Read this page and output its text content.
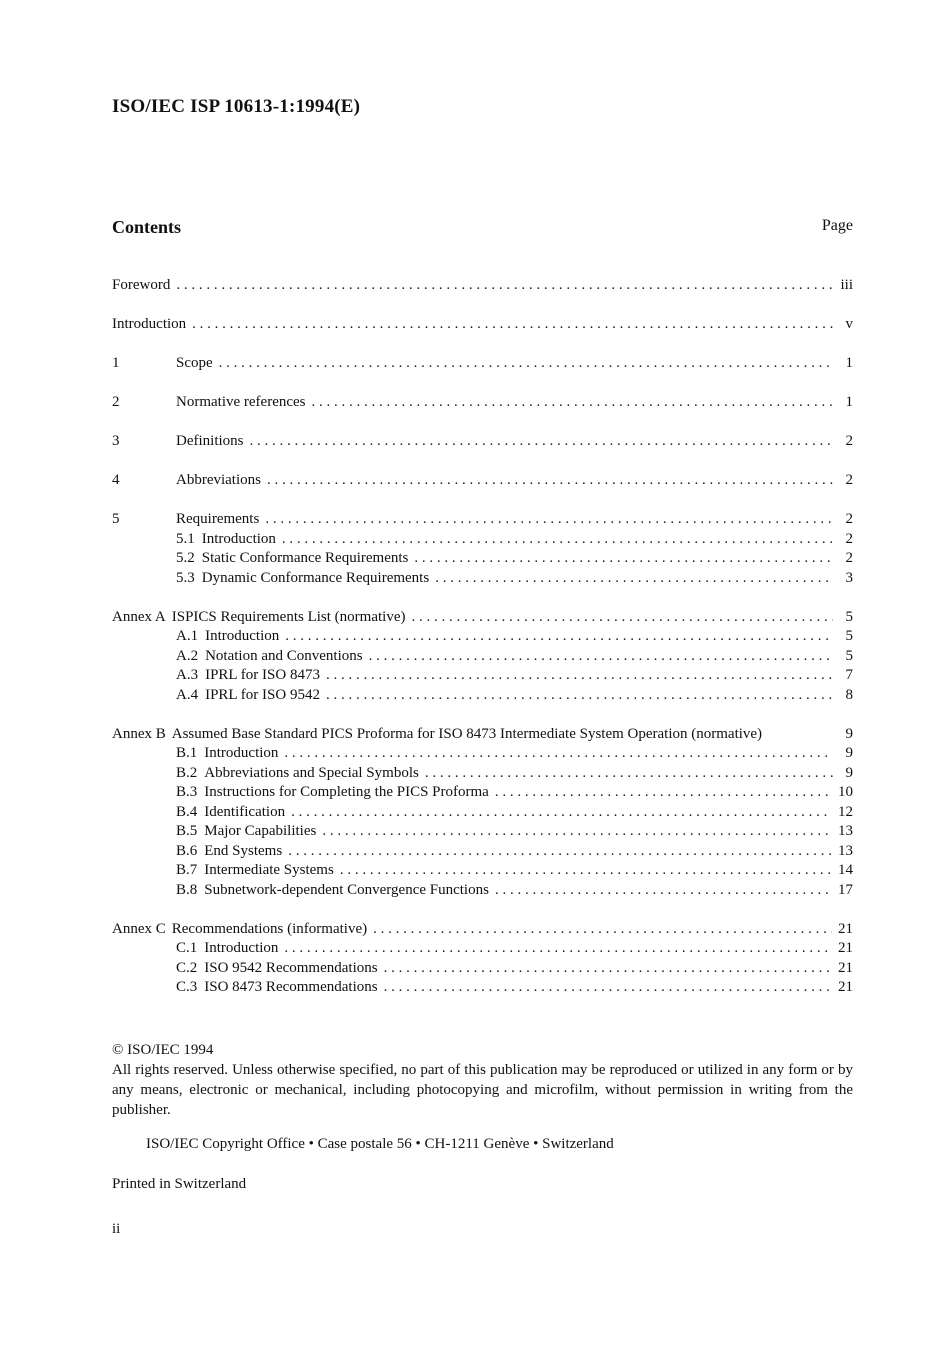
ISO/IEC ISP 10613-1:1994(E)
Contents	Page
Foreword . . .	iii
Introduction . . .	v
1	Scope . . .	1
2	Normative references . . .	1
3	Definitions . . .	2
4	Abbreviations . . .	2
5	Requirements . . .	2
5.1 Introduction . . .	2
5.2 Static Conformance Requirements . . .	2
5.3 Dynamic Conformance Requirements . . .	3
Annex A ISPICS Requirements List (normative) . . .	5
A.1 Introduction . . .	5
A.2 Notation and Conventions . . .	5
A.3 IPRL for ISO 8473 . . .	7
A.4 IPRL for ISO 9542 . . .	8
Annex B Assumed Base Standard PICS Proforma for ISO 8473 Intermediate System Operation (normative)	9
B.1 Introduction . . .	9
B.2 Abbreviations and Special Symbols . . .	9
B.3 Instructions for Completing the PICS Proforma . . .	10
B.4 Identification . . .	12
B.5 Major Capabilities . . .	13
B.6 End Systems . . .	13
B.7 Intermediate Systems . . .	14
B.8 Subnetwork-dependent Convergence Functions . . .	17
Annex C Recommendations (informative) . . .	21
C.1 Introduction . . .	21
C.2 ISO 9542 Recommendations . . .	21
C.3 ISO 8473 Recommendations . . .	21

© ISO/IEC 1994

All rights reserved. Unless otherwise specified, no part of this publication may be reproduced or utilized in any form or by any means, electronic or mechanical, including photocopying and microfilm, without permission in writing from the publisher.

ISO/IEC Copyright Office • Case postale 56 • CH-1211 Genève • Switzerland
Printed in Switzerland
ii
